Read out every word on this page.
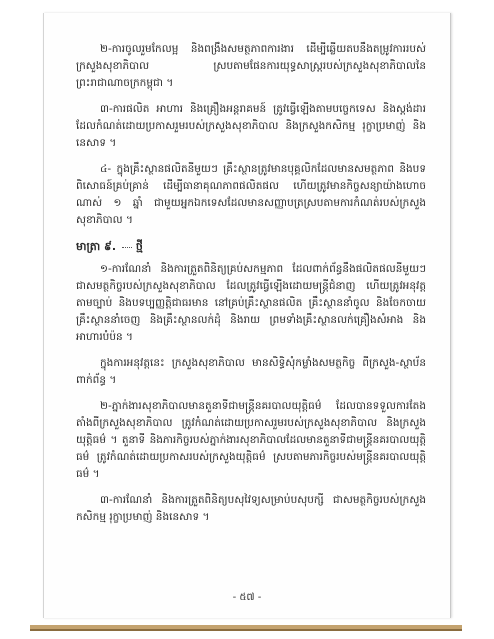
២-ការចូលរួមកែលម្អ និងពង្រឹងសមត្ថភាពការងារ ដើម្បីឆ្លើយតបនឹងតម្រូវការរបស់ក្រសួងសុខាភិបាល ស្របតាមផែនការយុទ្ធសាស្ត្ររបស់ក្រសួងសុខាភិបាលនៃព្រះរាជាណាចក្រកម្ពុជា ។

៣-ការផលិត អាហារ និងគ្រឿងអន្តរាគមន៍ ត្រូវធ្វើឡើងតាមបច្ចេកទេស និងស្តង់ដារដែលកំណត់ដោយប្រកាសរួមរបស់ក្រសួងសុខាភិបាល និងក្រសួងកសិកម្ម រុក្ខាប្រមាញ់ និងនេសាទ ។

៤- ក្នុងគ្រឹះស្ថានផលិតនីមួយៗ គ្រឹះស្ថានត្រូវមានបុគ្គលិកដែលមានសមត្ថភាព និងបទពិសោធន៍គ្រប់គ្រាន់ ដើម្បីធានាគុណភាពផលិតផល ហើយត្រូវមានកិច្ចសន្យាយ៉ាងហោចណាស់ ១ ឆ្នាំ ជាមួយអ្នកឯកទេសដែលមានសញ្ញាបត្រស្របតាមការកំណត់របស់ក្រសួងសុខាភិបាល ។

មាត្រា ៩. ថ្មី

១-ការណែនាំ និងការត្រួតពិនិត្យគ្រប់សកម្មភាព ដែលពាក់ព័ន្ធនឹងផលិតផលនីមួយៗ ជាសមត្ថកិច្ចរបស់ក្រសួងសុខាភិបាល ដែលត្រូវធ្វើឡើងដោយមន្ត្រីជំនាញ ហើយត្រូវអនុវត្តតាមច្បាប់ និងបទប្បញ្ញត្តិជាធរមាន នៅគ្រប់គ្រឹះស្ថានផលិត គ្រឹះស្ថាននាំចូល និងចែកចាយ គ្រឹះស្ថាននាំចេញ និងគ្រឹះស្ថានលក់ដុំ និងរាយ ព្រមទាំងគ្រឹះស្ថានលក់គ្រឿងសំអាង និងអាហារបំប៉ន ។

ក្នុងការអនុវត្តនេះ ក្រសួងសុខាភិបាល មានសិទ្ធិសុំកម្លាំងសមត្ថកិច្ច ពីក្រសួង-ស្ថាប័នពាក់ព័ន្ធ ។

២-ភ្នាក់ងារសុខាភិបាលមានតួនាទីជាមន្ត្រីនគរបាលយុត្តិធម៌ ដែលបានទទួលការតែងតាំងពីក្រសួងសុខាភិបាល ត្រូវកំណត់ដោយប្រកាសរួមរបស់ក្រសួងសុខាភិបាល និងក្រសួងយុត្តិធម៌ ។ តួនាទី និងភារកិច្ចរបស់ភ្នាក់ងារសុខាភិបាលដែលមានតួនាទីជាមន្ត្រីនគរបាលយុត្តិធម៌ ត្រូវកំណត់ដោយប្រកាសរបស់ក្រសួងយុត្តិធម៌ ស្របតាមភារកិច្ចរបស់មន្ត្រីនគរបាលយុត្តិធម៌ ។

៣-ការណែនាំ និងការត្រួតពិនិត្យបសុវៃទ្យសម្រាប់បសុបក្សី ជាសមត្ថកិច្ចរបស់ក្រសួងកសិកម្ម រុក្ខាប្រមាញ់ និងនេសាទ ។

- ៥៧ -
